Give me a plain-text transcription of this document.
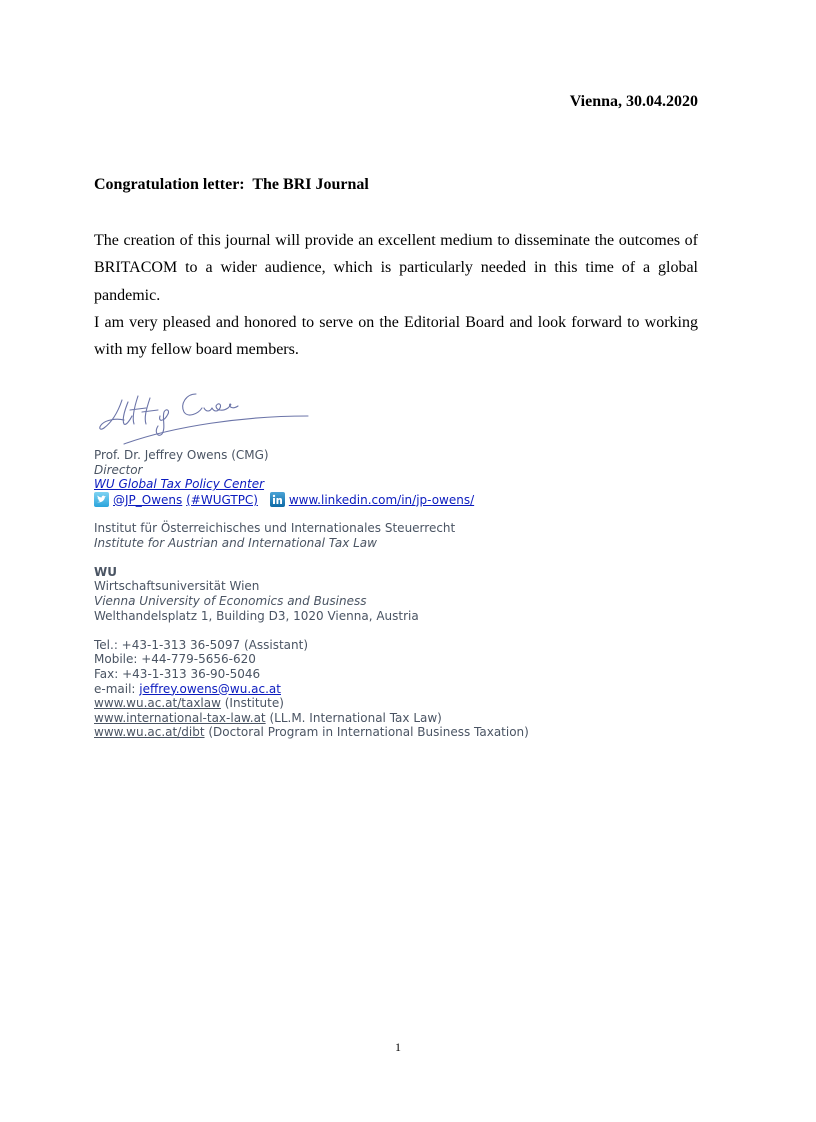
Vienna, 30.04.2020
Congratulation letter:  The BRI Journal

The creation of this journal will provide an excellent medium to disseminate the outcomes of BRITACOM to a wider audience, which is particularly needed in this time of a global pandemic.

I am very pleased and honored to serve on the Editorial Board and look forward to working with my fellow board members.

Prof. Dr. Jeffrey Owens (CMG)
Director
WU Global Tax Policy Center
@JP_Owens (#WUGTPC)	www.linkedin.com/in/jp-owens/
Institut für Österreichisches und Internationales Steuerrecht
Institute for Austrian and International Tax Law
WU
Wirtschaftsuniversität Wien
Vienna University of Economics and Business
Welthandelsplatz 1, Building D3, 1020 Vienna, Austria
Tel.: +43-1-313 36-5097 (Assistant)
Mobile: +44-779-5656-620
Fax: +43-1-313 36-90-5046
e-mail: jeffrey.owens@wu.ac.at
www.wu.ac.at/taxlaw (Institute)
www.international-tax-law.at (LL.M. International Tax Law)
www.wu.ac.at/dibt (Doctoral Program in International Business Taxation)
1
